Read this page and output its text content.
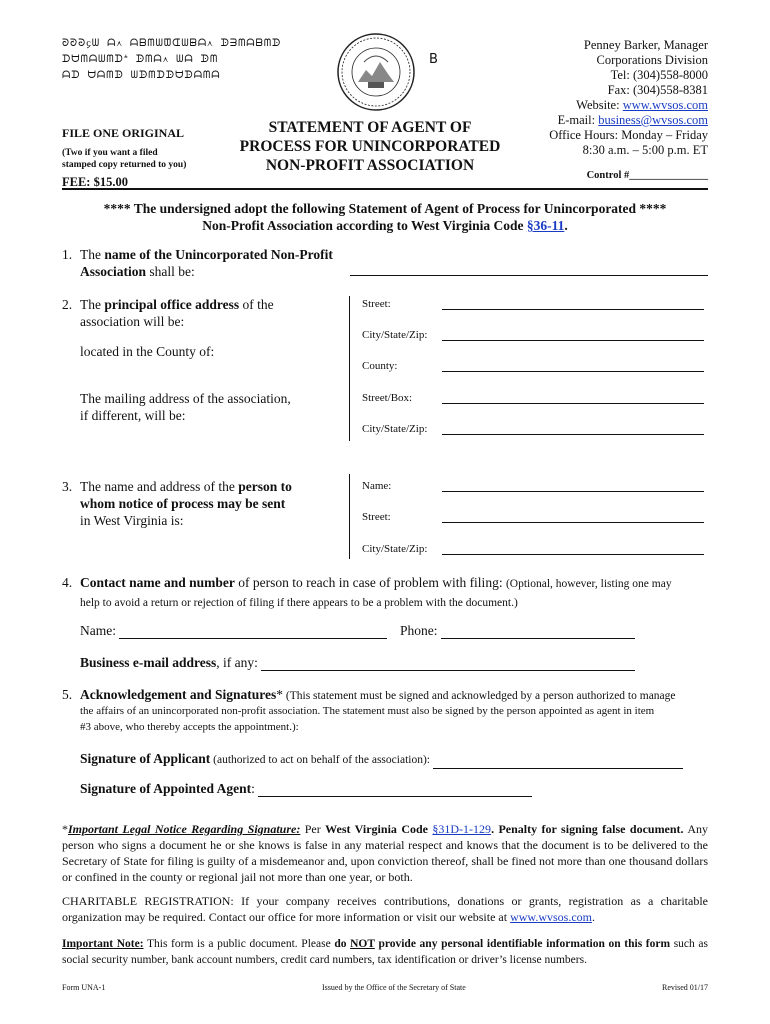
ᘐᘑᘒ᧔ᗯ ᗩ᧘ ᗩᗷᗰᗯᗵᗭᗯᗸᗩ᧘ ᗬᗱᗰᗩᗷᗰᗬ
ᗪᗨᗰᗩᗯᗰᗪᗮ ᗬᗰᗩ᧘ ᗯᗩ ᗬᗰ
ᗩᗪ ᗨᗩᗰᗬ ᗯᗬᗰᗪᗬᗨᗬᗩᗰᗩ
B
Penney Barker, Manager
Corporations Division
Tel: (304)558-8000
Fax: (304)558-8381
Website: www.wvsos.com
E-mail: business@wvsos.com
Office Hours: Monday – Friday
8:30 a.m. – 5:00 p.m. ET
FILE ONE ORIGINAL
(Two if you want a filed
stamped copy returned to you)
FEE: $15.00
STATEMENT OF AGENT OF
PROCESS FOR UNINCORPORATED
NON-PROFIT ASSOCIATION
Control #_______________
**** The undersigned adopt the following Statement of Agent of Process for Unincorporated ****
Non-Profit Association according to West Virginia Code §36-11.
1. The name of the Unincorporated Non-Profit
Association shall be:
2. The principal office address of the
association will be:
located in the County of:
The mailing address of the association,
if different, will be:
Street:
City/State/Zip:
County:
Street/Box:
City/State/Zip:
3. The name and address of the person to
whom notice of process may be sent
in West Virginia is:
Name:
Street:
City/State/Zip:
4. Contact name and number of person to reach in case of problem with filing: (Optional, however, listing one may
help to avoid a return or rejection of filing if there appears to be a problem with the document.)
Name:	Phone:
Business e-mail address, if any:
5. Acknowledgement and Signatures* (This statement must be signed and acknowledged by a person authorized to manage
the affairs of an unincorporated non-profit association. The statement must also be signed by the person appointed as agent in item
#3 above, who thereby accepts the appointment.):
Signature of Applicant (authorized to act on behalf of the association):
Signature of Appointed Agent:
*Important Legal Notice Regarding Signature: Per West Virginia Code §31D-1-129. Penalty for signing false document. Any person who signs a document he or she knows is false in any material respect and knows that the document is to be delivered to the Secretary of State for filing is guilty of a misdemeanor and, upon conviction thereof, shall be fined not more than one thousand dollars or confined in the county or regional jail not more than one year, or both.
CHARITABLE REGISTRATION: If your company receives contributions, donations or grants, registration as a charitable organization may be required. Contact our office for more information or visit our website at www.wvsos.com.
Important Note: This form is a public document. Please do NOT provide any personal identifiable information on this form such as social security number, bank account numbers, credit card numbers, tax identification or driver’s license numbers.
Form UNA-1	Issued by the Office of the Secretary of State	Revised 01/17
